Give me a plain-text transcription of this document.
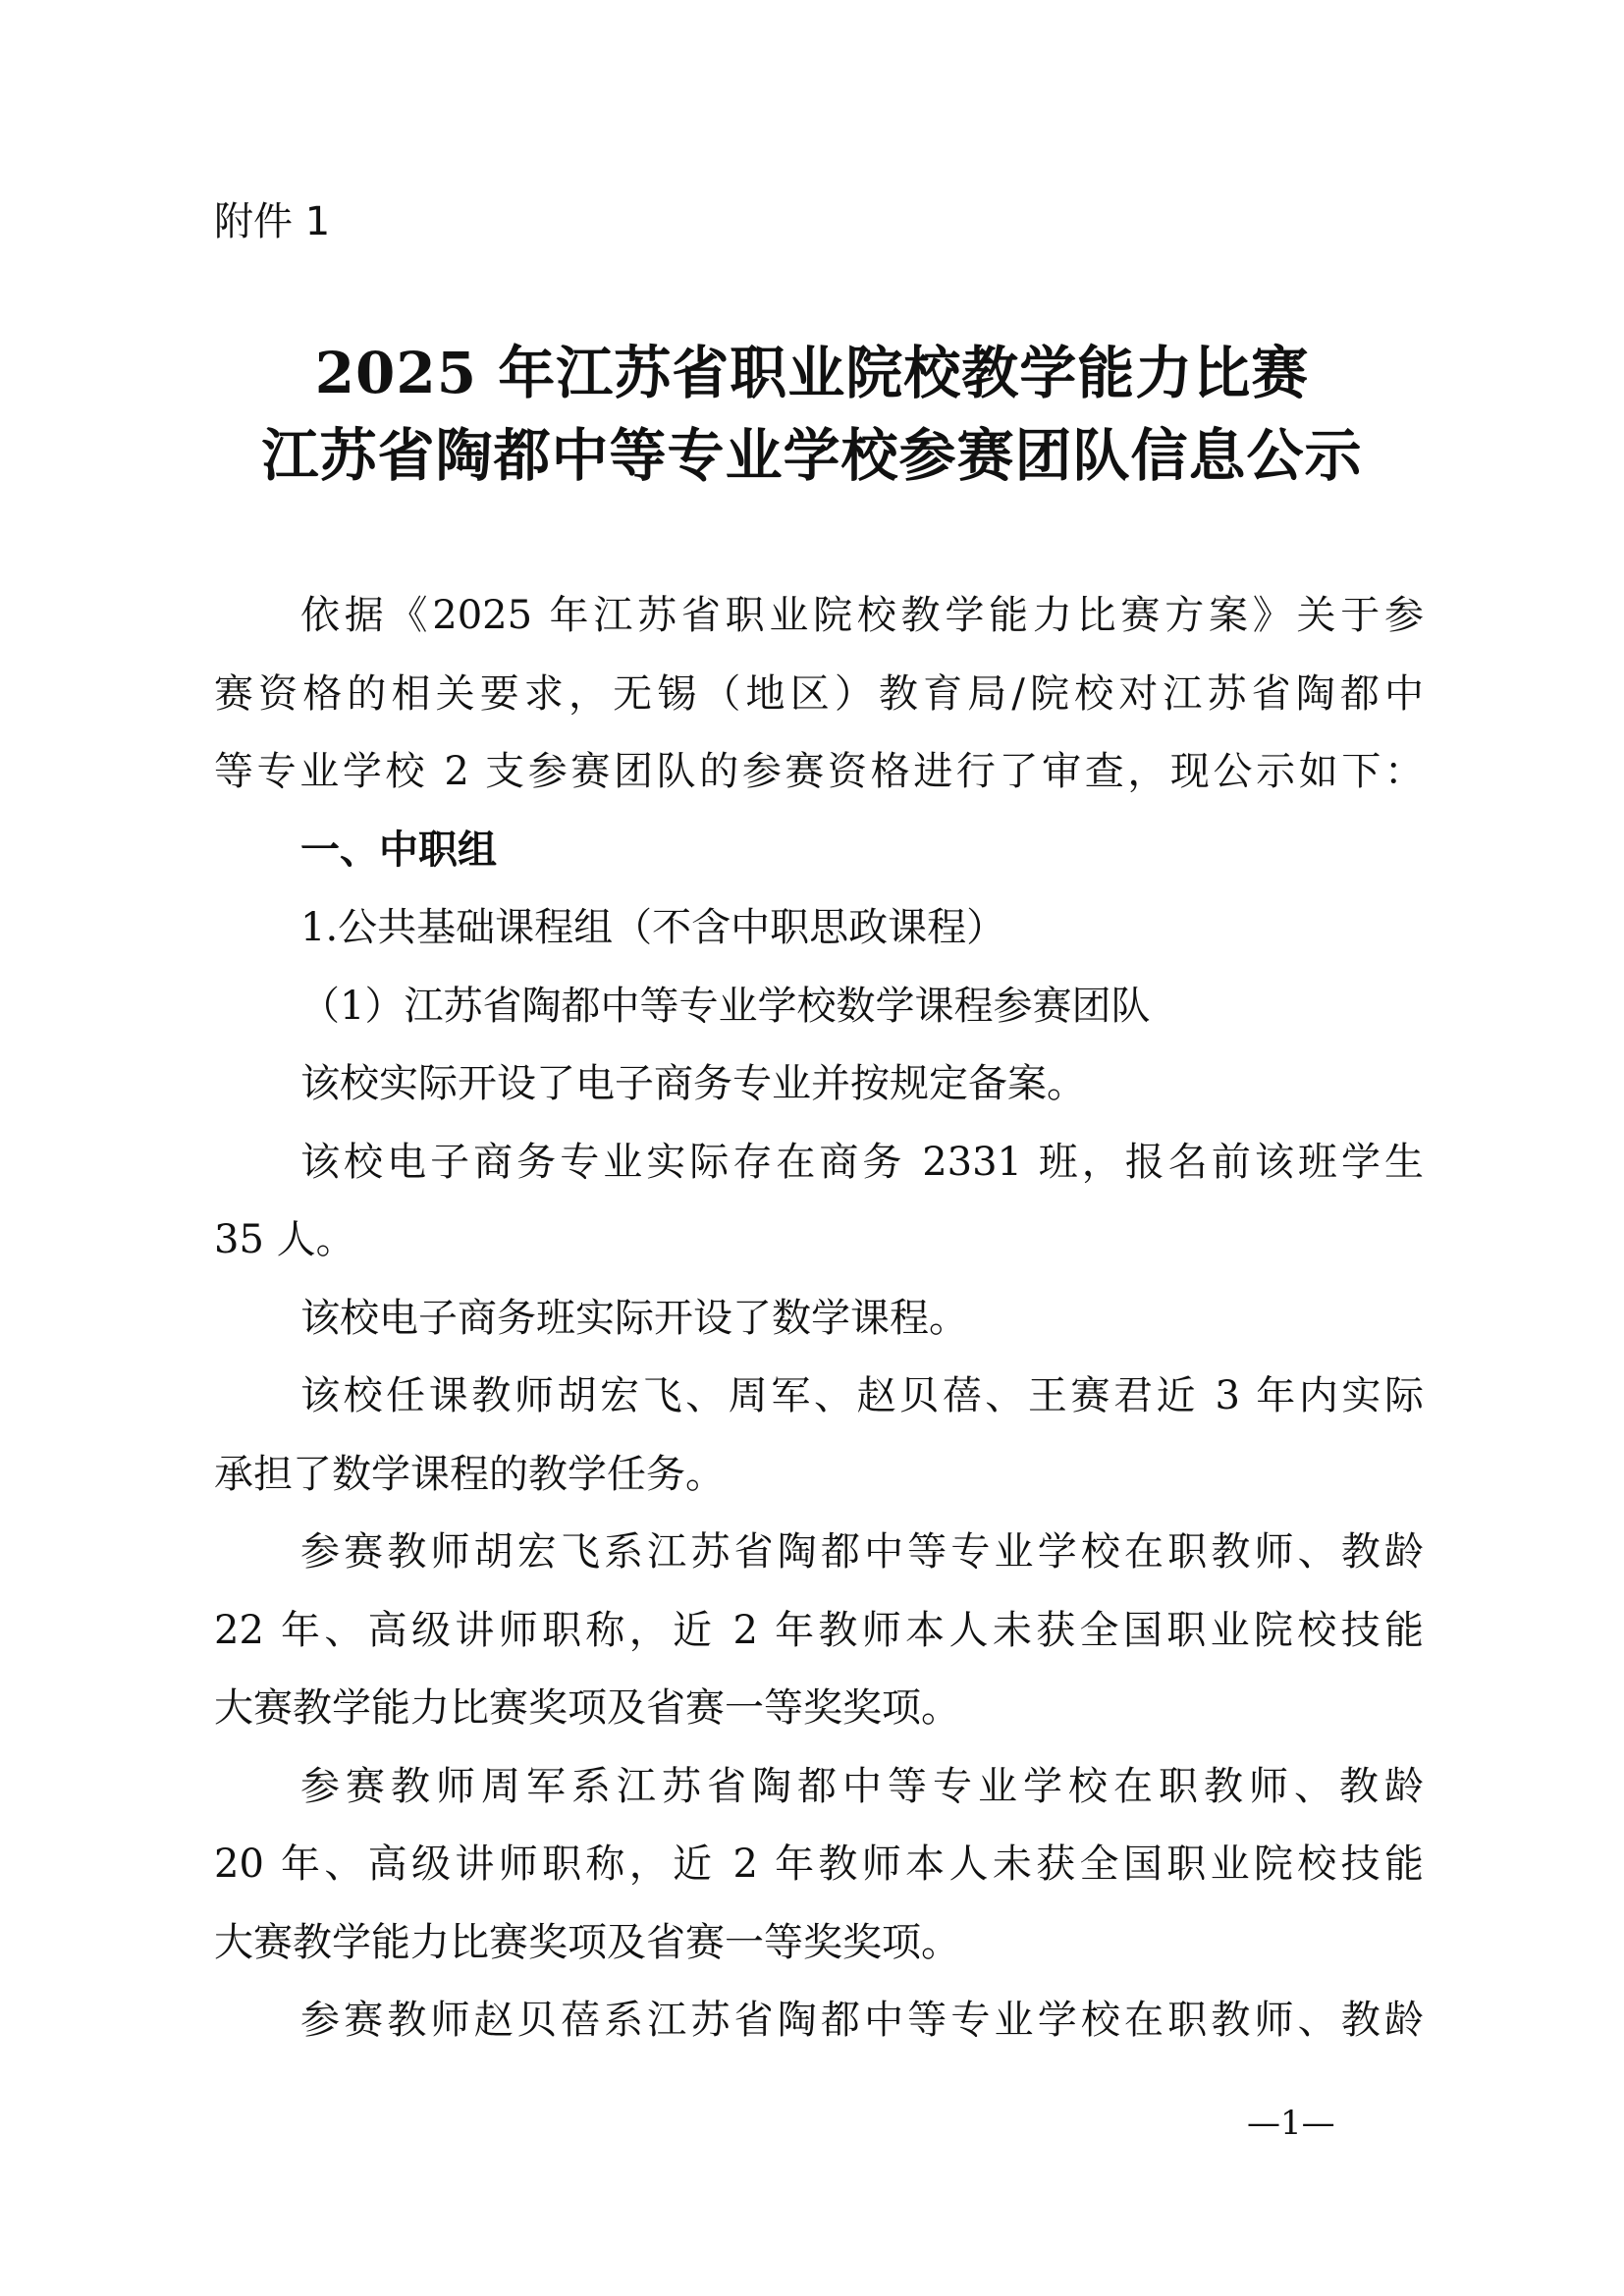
附件 1
2025 年江苏省职业院校教学能力比赛
江苏省陶都中等专业学校参赛团队信息公示
依据《2025 年江苏省职业院校教学能力比赛方案》关于参
赛资格的相关要求，无锡（地区）教育局/院校对江苏省陶都中
等专业学校 2 支参赛团队的参赛资格进行了审查，现公示如下：
一、中职组
1.公共基础课程组（不含中职思政课程）
（1）江苏省陶都中等专业学校数学课程参赛团队
该校实际开设了电子商务专业并按规定备案。
该校电子商务专业实际存在商务 2331 班，报名前该班学生
35 人。
该校电子商务班实际开设了数学课程。
该校任课教师胡宏飞、周军、赵贝蓓、王赛君近 3 年内实际
承担了数学课程的教学任务。
参赛教师胡宏飞系江苏省陶都中等专业学校在职教师、教龄
22 年、高级讲师职称，近 2 年教师本人未获全国职业院校技能
大赛教学能力比赛奖项及省赛一等奖奖项。
参赛教师周军系江苏省陶都中等专业学校在职教师、教龄
20 年、高级讲师职称，近 2 年教师本人未获全国职业院校技能
大赛教学能力比赛奖项及省赛一等奖奖项。
参赛教师赵贝蓓系江苏省陶都中等专业学校在职教师、教龄
—1—
